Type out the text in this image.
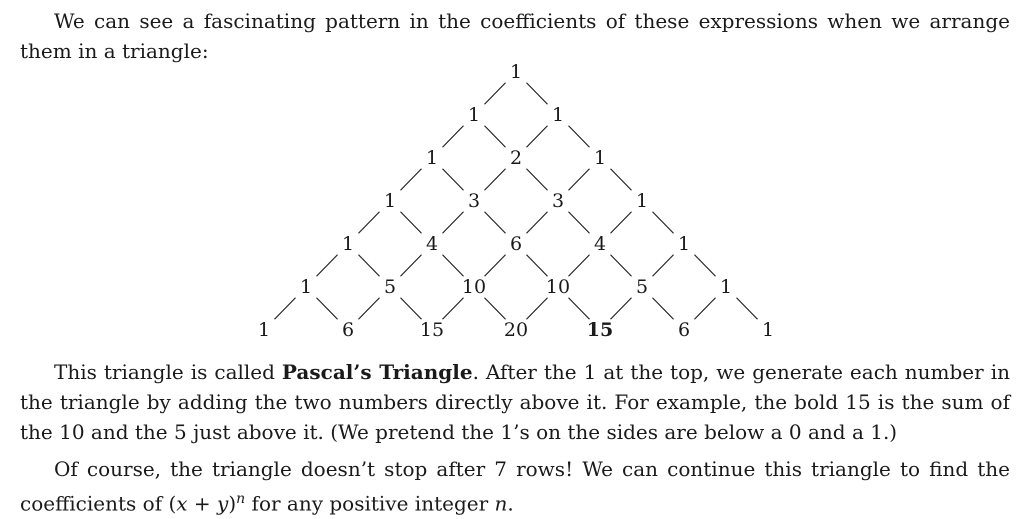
We can see a fascinating pattern in the coefficients of these expressions when we arrange them in a triangle:

1
1	1
1	2	1
1	3	3	1
1	4	6	4	1
1	5	10	10	5	1
1	6	15	20	15	6	1

This triangle is called Pascal’s Triangle. After the 1 at the top, we generate each number in the triangle by adding the two numbers directly above it. For example, the bold 15 is the sum of the 10 and the 5 just above it. (We pretend the 1’s on the sides are below a 0 and a 1.)

Of course, the triangle doesn’t stop after 7 rows! We can continue this triangle to find the coefficients of $(x + y)^n$ for any positive integer n.
